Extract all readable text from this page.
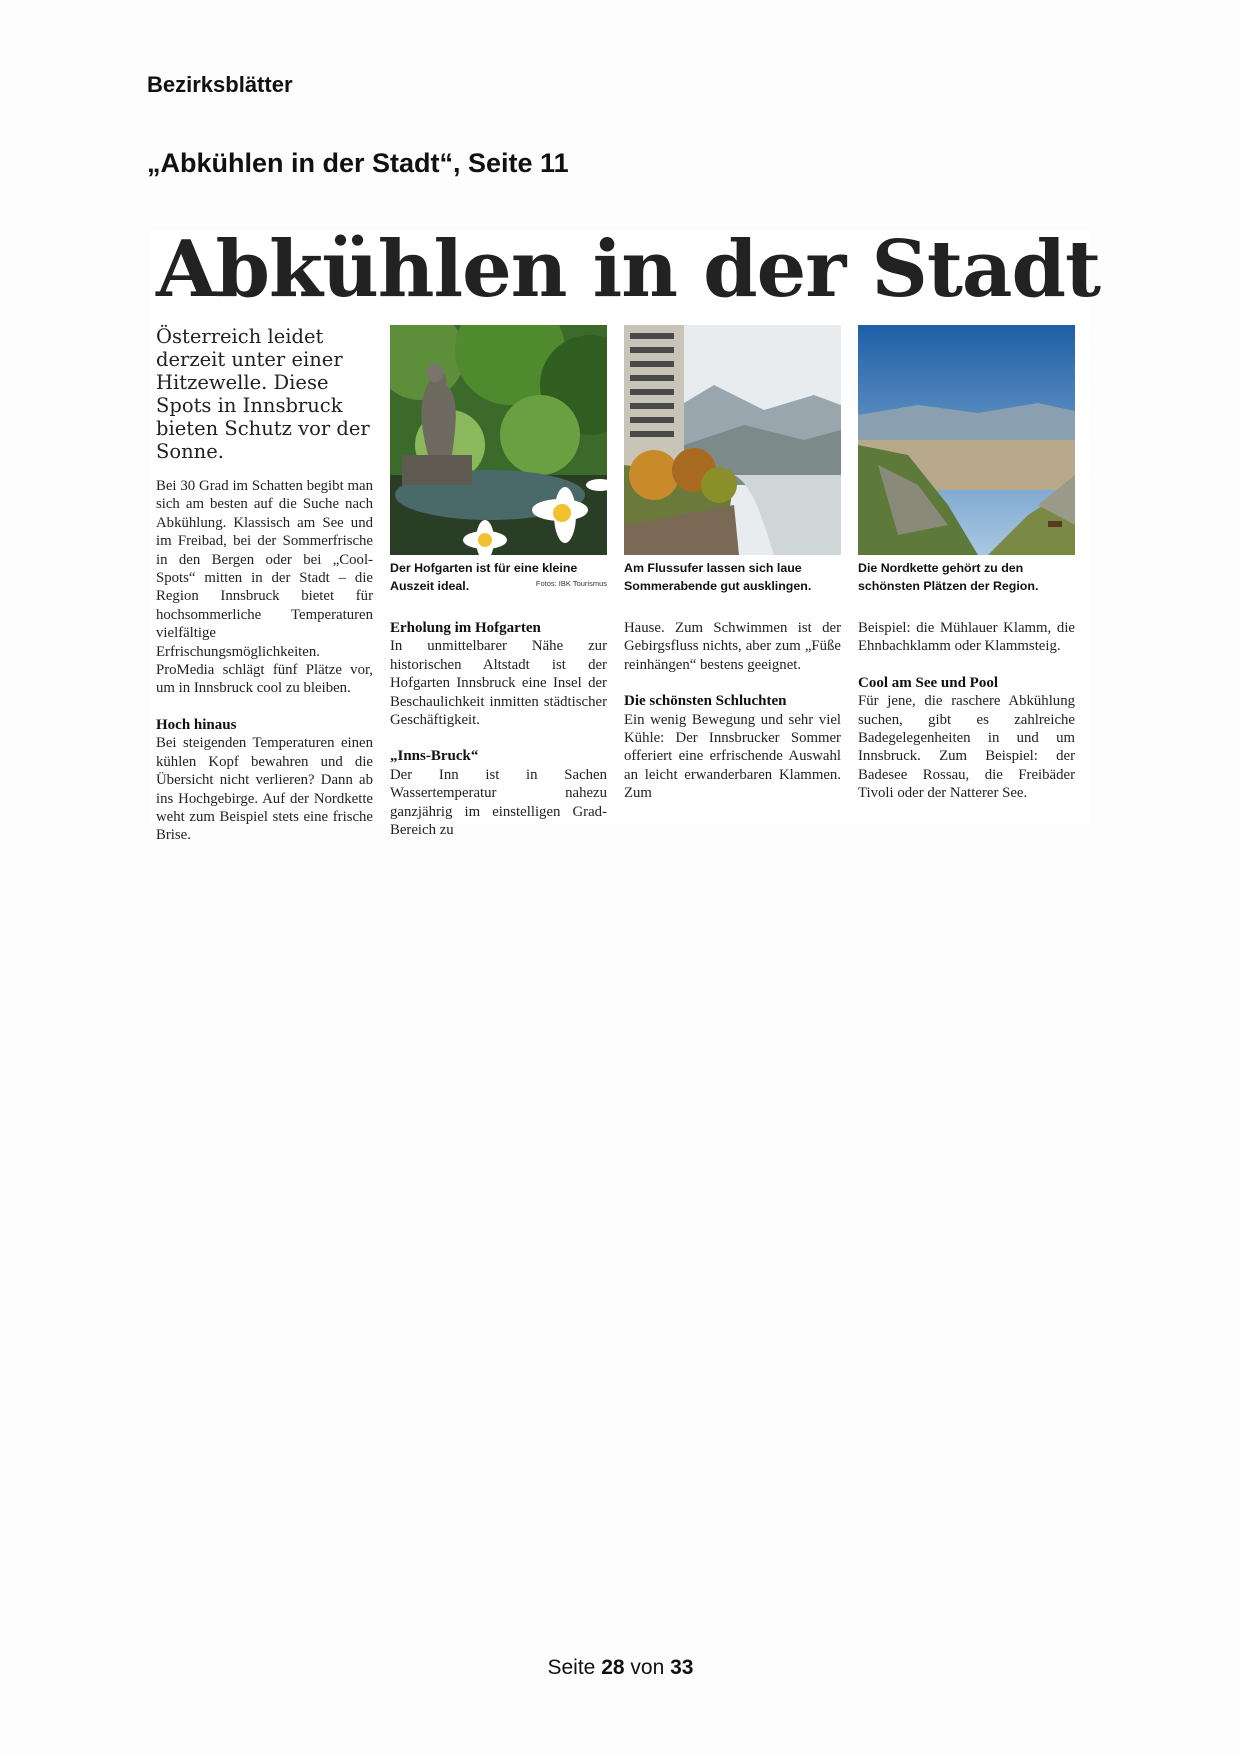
Bezirksblätter
„Abkühlen in der Stadt“, Seite 11
Abkühlen in der Stadt

Österreich leidet derzeit unter einer Hitzewelle. Diese Spots in Innsbruck bieten Schutz vor der Sonne.

Bei 30 Grad im Schatten begibt man sich am besten auf die Suche nach Abkühlung. Klassisch am See und im Freibad, bei der Sommerfrische in den Bergen oder bei „Cool-Spots“ mitten in der Stadt – die Region Innsbruck bietet für hochsommerliche Temperaturen vielfältige Erfrischungsmöglichkeiten. ProMedia schlägt fünf Plätze vor, um in Innsbruck cool zu bleiben.

Hoch hinaus

Bei steigenden Temperaturen einen kühlen Kopf bewahren und die Übersicht nicht verlieren? Dann ab ins Hochgebirge. Auf der Nordkette weht zum Beispiel stets eine frische Brise.

Der Hofgarten ist für eine kleine Auszeit ideal.	Fotos: IBK Tourismus

Erholung im Hofgarten

In unmittelbarer Nähe zur historischen Altstadt ist der Hofgarten Innsbruck eine Insel der Beschaulichkeit inmitten städtischer Geschäftigkeit.

„Inns-Bruck“

Der Inn ist in Sachen Wassertemperatur nahezu ganzjährig im einstelligen Grad-Bereich zu

Am Flussufer lassen sich laue Sommerabende gut ausklingen.

Hause. Zum Schwimmen ist der Gebirgsfluss nichts, aber zum „Füße reinhängen“ bestens geeignet.

Die schönsten Schluchten

Ein wenig Bewegung und sehr viel Kühle: Der Innsbrucker Sommer offeriert eine erfrischende Auswahl an leicht erwanderbaren Klammen. Zum

Die Nordkette gehört zu den schönsten Plätzen der Region.

Beispiel: die Mühlauer Klamm, die Ehnbachklamm oder Klammsteig.

Cool am See und Pool

Für jene, die raschere Abkühlung suchen, gibt es zahlreiche Badegelegenheiten in und um Innsbruck. Zum Beispiel: der Badesee Rossau, die Freibäder Tivoli oder der Natterer See.

Seite 28 von 33
